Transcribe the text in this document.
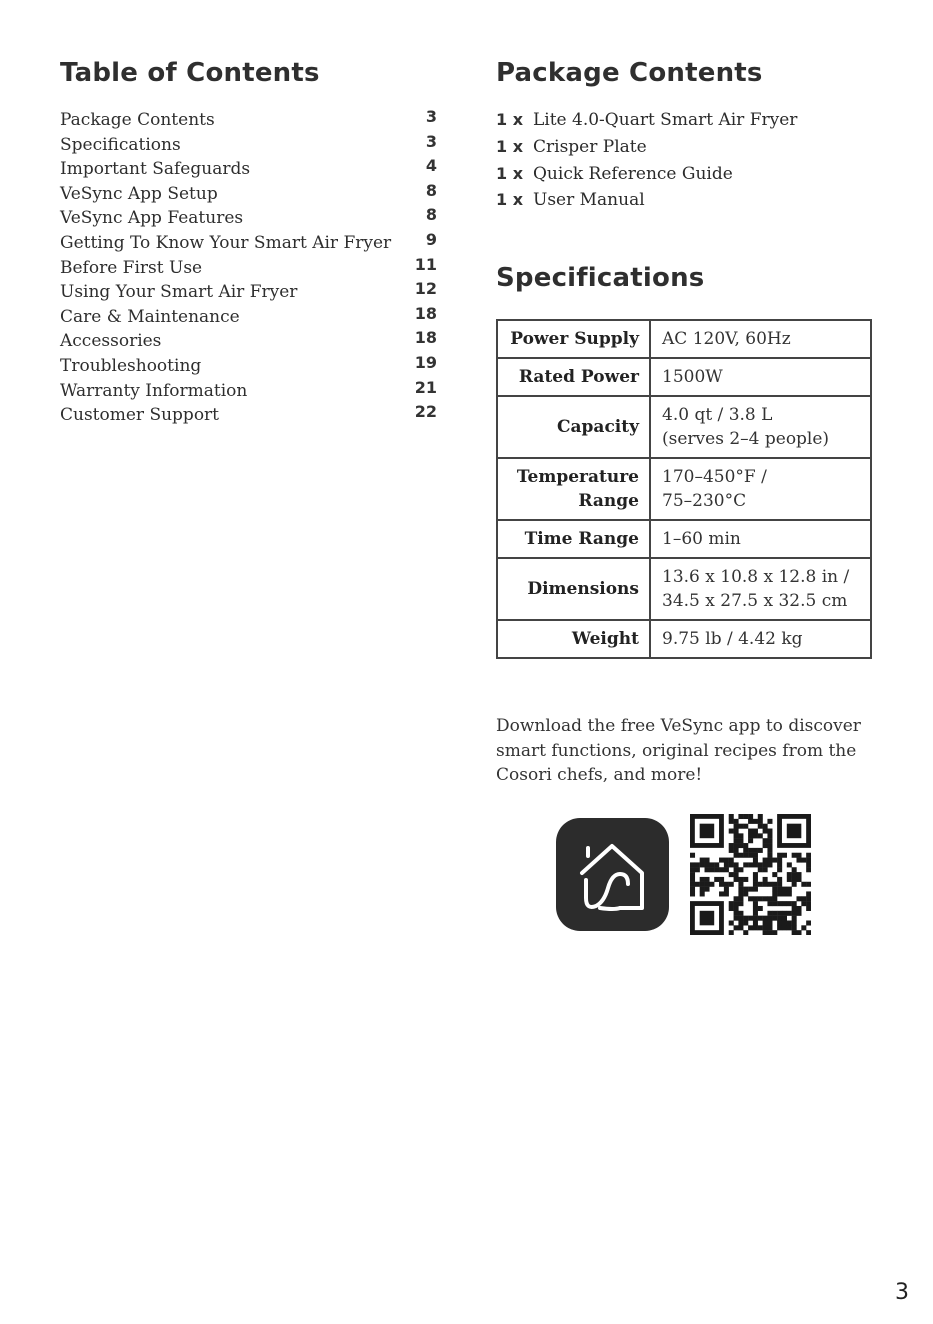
Table of Contents
Package Contents	3
Specifications	3
Important Safeguards	4
VeSync App Setup	8
VeSync App Features	8
Getting To Know Your Smart Air Fryer 9
Before First Use	11
Using Your Smart Air Fryer	12
Care & Maintenance	18
Accessories	18
Troubleshooting	19
Warranty Information	21
Customer Support	22
Package Contents
1 x Lite 4.0-Quart Smart Air Fryer
1 x Crisper Plate
1 x Quick Reference Guide
1 x User Manual
Specifications
Power Supply	AC 120V, 60Hz

Rated Power	1500W

Capacity	4.0 qt / 3.8 L
(serves 2–4 people)

Temperature
Range	170–450°F /
75–230°C

Time Range	1–60 min

Dimensions	13.6 x 10.8 x 12.8 in /
34.5 x 27.5 x 32.5 cm

Weight	9.75 lb / 4.42 kg

Download the free VeSync app to discover smart functions, original recipes from the Cosori chefs, and more!

3
